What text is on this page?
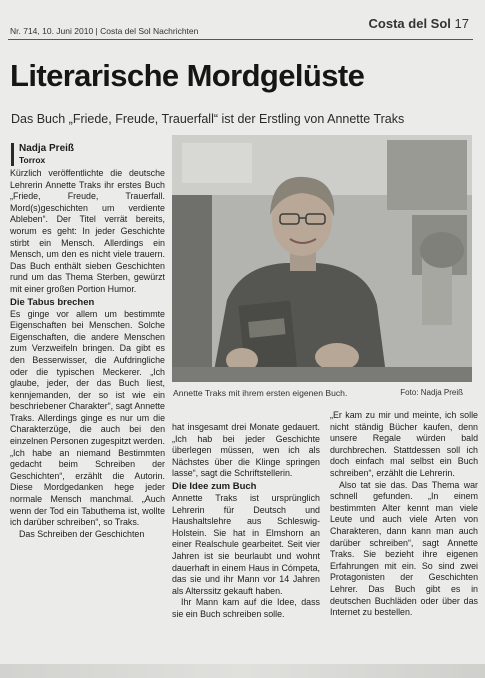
Nr. 714, 10. Juni 2010 | Costa del Sol Nachrichten	Costa del Sol 17
Literarische Mordgelüste
Das Buch „Friede, Freude, Trauerfall“ ist der Erstling von Annette Traks
Nadja Preiß
Torrox

Kürzlich veröffentlichte die deutsche Lehrerin Annette Traks ihr erstes Buch „Friede, Freude, Trauerfall. Mord(s)geschichten um verdiente Ableben“. Der Titel verrät bereits, worum es geht: In jeder Geschichte stirbt ein Mensch. Allerdings ein Mensch, um den es nicht viele trauern. Das Buch enthält sieben Geschichten rund um das Thema Sterben, gewürzt mit einer großen Portion Humor.

Die Tabus brechen

Es ginge vor allem um bestimmte Eigenschaften bei Menschen. Solche Eigenschaften, die andere Menschen zum Verzweifeln bringen. Da gibt es den Besserwisser, die Aufdringliche oder die typischen Meckerer. „Ich glaube, jeder, der das Buch liest, kennjemanden, der so ist wie ein beschriebener Charakter“, sagt Annette Traks. Allerdings ginge es nur um die Charakterzüge, die auch bei den einzelnen Personen zugespitzt werden. „Ich habe an niemand Bestimmten gedacht beim Schreiben der Geschichten“, erzählt die Autorin. Diese Mordgedanken hege jeder normale Mensch manchmal. „Auch wenn der Tod ein Tabuthema ist, wollte ich darüber schreiben“, so Traks.

Das Schreiben der Geschichten

Annette Traks mit ihrem ersten eigenen Buch.	Foto: Nadja Preiß

hat insgesamt drei Monate gedauert. „Ich hab bei jeder Geschichte überlegen müssen, wen ich als Nächstes über die Klinge springen lasse“, sagt die Schriftstellerin.

Die Idee zum Buch

Annette Traks ist ursprünglich Lehrerin für Deutsch und Haushaltslehre aus Schleswig-Holstein. Sie hat in Elmshorn an einer Realschule gearbeitet. Seit vier Jahren ist sie beurlaubt und wohnt dauerhaft in einem Haus in Cómpeta, das sie und ihr Mann vor 14 Jahren als Alterssitz gekauft haben.

Ihr Mann kam auf die Idee, dass sie ein Buch schreiben solle.

„Er kam zu mir und meinte, ich solle nicht ständig Bücher kaufen, denn unsere Regale würden bald durchbrechen. Stattdessen soll ich doch einfach mal selbst ein Buch schreiben“, erzählt die Lehrerin.

Also tat sie das. Das Thema war schnell gefunden. „In einem bestimmten Alter kennt man viele Leute und auch viele Arten von Charakteren, dann kann man auch darüber schreiben“, sagt Annette Traks. Sie bezieht ihre eigenen Erfahrungen mit ein. So sind zwei Protagonisten der Geschichten Lehrer. Das Buch gibt es in deutschen Buchläden oder über das Internet zu bestellen.
